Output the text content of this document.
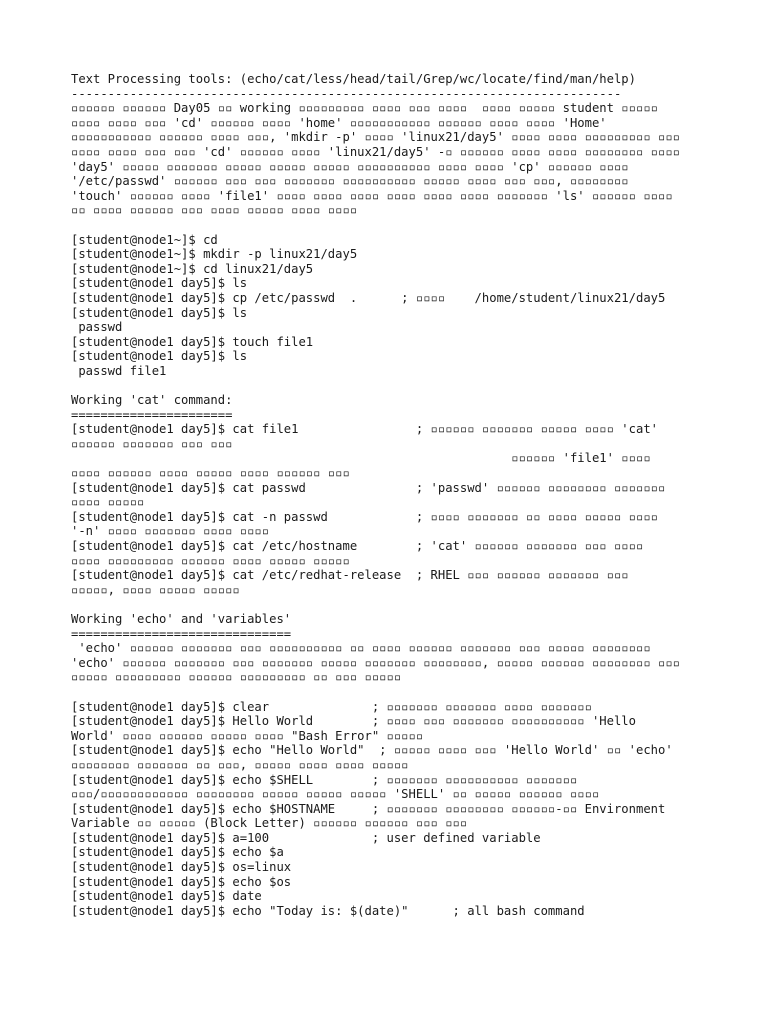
Text Processing tools: (echo/cat/less/head/tail/Grep/wc/locate/find/man/help)
---------------------------------------------------------------------------
▫▫▫▫▫▫ ▫▫▫▫▫▫ Day05 ▫▫ working ▫▫▫▫▫▫▫▫▫ ▫▫▫▫ ▫▫▫ ▫▫▫▫  ▫▫▫▫ ▫▫▫▫▫ student ▫▫▫▫▫
▫▫▫▫ ▫▫▫▫ ▫▫▫ 'cd' ▫▫▫▫▫▫ ▫▫▫▫ 'home' ▫▫▫▫▫▫▫▫▫▫▫ ▫▫▫▫▫▫ ▫▫▫▫ ▫▫▫▫ 'Home'
▫▫▫▫▫▫▫▫▫▫▫ ▫▫▫▫▫▫ ▫▫▫▫ ▫▫▫, 'mkdir -p' ▫▫▫▫ 'linux21/day5' ▫▫▫▫ ▫▫▫▫ ▫▫▫▫▫▫▫▫▫ ▫▫▫
▫▫▫▫ ▫▫▫▫ ▫▫▫ ▫▫▫ 'cd' ▫▫▫▫▫▫ ▫▫▫▫ 'linux21/day5' -▫ ▫▫▫▫▫▫ ▫▫▫▫ ▫▫▫▫ ▫▫▫▫▫▫▫▫ ▫▫▫▫
'day5' ▫▫▫▫▫ ▫▫▫▫▫▫▫ ▫▫▫▫▫ ▫▫▫▫▫ ▫▫▫▫▫ ▫▫▫▫▫▫▫▫▫▫ ▫▫▫▫ ▫▫▫▫ 'cp' ▫▫▫▫▫▫ ▫▫▫▫
'/etc/passwd' ▫▫▫▫▫▫ ▫▫▫ ▫▫▫ ▫▫▫▫▫▫▫ ▫▫▫▫▫▫▫▫▫▫ ▫▫▫▫▫ ▫▫▫▫ ▫▫▫ ▫▫▫, ▫▫▫▫▫▫▫▫
'touch' ▫▫▫▫▫▫ ▫▫▫▫ 'file1' ▫▫▫▫ ▫▫▫▫ ▫▫▫▫ ▫▫▫▫ ▫▫▫▫ ▫▫▫▫ ▫▫▫▫▫▫▫ 'ls' ▫▫▫▫▫▫ ▫▫▫▫
▫▫ ▫▫▫▫ ▫▫▫▫▫▫ ▫▫▫ ▫▫▫▫ ▫▫▫▫▫ ▫▫▫▫ ▫▫▫▫
[student@node1~]$ cd
[student@node1~]$ mkdir -p linux21/day5
[student@node1~]$ cd linux21/day5
[student@node1 day5]$ ls
[student@node1 day5]$ cp /etc/passwd  .      ; ▫▫▫▫    /home/student/linux21/day5
[student@node1 day5]$ ls
passwd
[student@node1 day5]$ touch file1
[student@node1 day5]$ ls
passwd file1
Working 'cat' command:
======================
[student@node1 day5]$ cat file1                ; ▫▫▫▫▫▫ ▫▫▫▫▫▫▫ ▫▫▫▫▫ ▫▫▫▫ 'cat'
▫▫▫▫▫▫ ▫▫▫▫▫▫▫ ▫▫▫ ▫▫▫
▫▫▫▫▫▫ 'file1' ▫▫▫▫
▫▫▫▫ ▫▫▫▫▫▫ ▫▫▫▫ ▫▫▫▫▫ ▫▫▫▫ ▫▫▫▫▫▫ ▫▫▫
[student@node1 day5]$ cat passwd               ; 'passwd' ▫▫▫▫▫▫ ▫▫▫▫▫▫▫▫ ▫▫▫▫▫▫▫
▫▫▫▫ ▫▫▫▫▫
[student@node1 day5]$ cat -n passwd            ; ▫▫▫▫ ▫▫▫▫▫▫▫ ▫▫ ▫▫▫▫ ▫▫▫▫▫ ▫▫▫▫
'-n' ▫▫▫▫ ▫▫▫▫▫▫▫ ▫▫▫▫ ▫▫▫▫
[student@node1 day5]$ cat /etc/hostname        ; 'cat' ▫▫▫▫▫▫ ▫▫▫▫▫▫▫ ▫▫▫ ▫▫▫▫
▫▫▫▫ ▫▫▫▫▫▫▫▫▫ ▫▫▫▫▫▫ ▫▫▫▫ ▫▫▫▫▫ ▫▫▫▫▫
[student@node1 day5]$ cat /etc/redhat-release  ; RHEL ▫▫▫ ▫▫▫▫▫▫ ▫▫▫▫▫▫▫ ▫▫▫
▫▫▫▫▫, ▫▫▫▫ ▫▫▫▫▫ ▫▫▫▫▫
Working 'echo' and 'variables'
==============================
'echo' ▫▫▫▫▫▫ ▫▫▫▫▫▫▫ ▫▫▫ ▫▫▫▫▫▫▫▫▫▫ ▫▫ ▫▫▫▫ ▫▫▫▫▫▫ ▫▫▫▫▫▫▫ ▫▫▫ ▫▫▫▫▫ ▫▫▫▫▫▫▫▫
'echo' ▫▫▫▫▫▫ ▫▫▫▫▫▫▫ ▫▫▫ ▫▫▫▫▫▫▫ ▫▫▫▫▫ ▫▫▫▫▫▫▫ ▫▫▫▫▫▫▫▫, ▫▫▫▫▫ ▫▫▫▫▫▫ ▫▫▫▫▫▫▫▫ ▫▫▫
▫▫▫▫▫ ▫▫▫▫▫▫▫▫▫ ▫▫▫▫▫▫ ▫▫▫▫▫▫▫▫▫ ▫▫ ▫▫▫ ▫▫▫▫▫
[student@node1 day5]$ clear              ; ▫▫▫▫▫▫▫ ▫▫▫▫▫▫▫ ▫▫▫▫ ▫▫▫▫▫▫▫
[student@node1 day5]$ Hello World        ; ▫▫▫▫ ▫▫▫ ▫▫▫▫▫▫▫ ▫▫▫▫▫▫▫▫▫▫ 'Hello
World' ▫▫▫▫ ▫▫▫▫▫▫ ▫▫▫▫▫ ▫▫▫▫ "Bash Error" ▫▫▫▫▫
[student@node1 day5]$ echo "Hello World"  ; ▫▫▫▫▫ ▫▫▫▫ ▫▫▫ 'Hello World' ▫▫ 'echo'
▫▫▫▫▫▫▫▫ ▫▫▫▫▫▫▫ ▫▫ ▫▫▫, ▫▫▫▫▫ ▫▫▫▫ ▫▫▫▫ ▫▫▫▫▫
[student@node1 day5]$ echo $SHELL        ; ▫▫▫▫▫▫▫ ▫▫▫▫▫▫▫▫▫▫ ▫▫▫▫▫▫▫
▫▫▫/▫▫▫▫▫▫▫▫▫▫▫▫ ▫▫▫▫▫▫▫▫ ▫▫▫▫▫ ▫▫▫▫▫ ▫▫▫▫▫ 'SHELL' ▫▫ ▫▫▫▫▫ ▫▫▫▫▫▫ ▫▫▫▫
[student@node1 day5]$ echo $HOSTNAME     ; ▫▫▫▫▫▫▫ ▫▫▫▫▫▫▫▫ ▫▫▫▫▫▫-▫▫ Environment
Variable ▫▫ ▫▫▫▫▫ (Block Letter) ▫▫▫▫▫▫ ▫▫▫▫▫▫ ▫▫▫ ▫▫▫
[student@node1 day5]$ a=100              ; user defined variable
[student@node1 day5]$ echo $a
[student@node1 day5]$ os=linux
[student@node1 day5]$ echo $os
[student@node1 day5]$ date
[student@node1 day5]$ echo "Today is: $(date)"      ; all bash command
